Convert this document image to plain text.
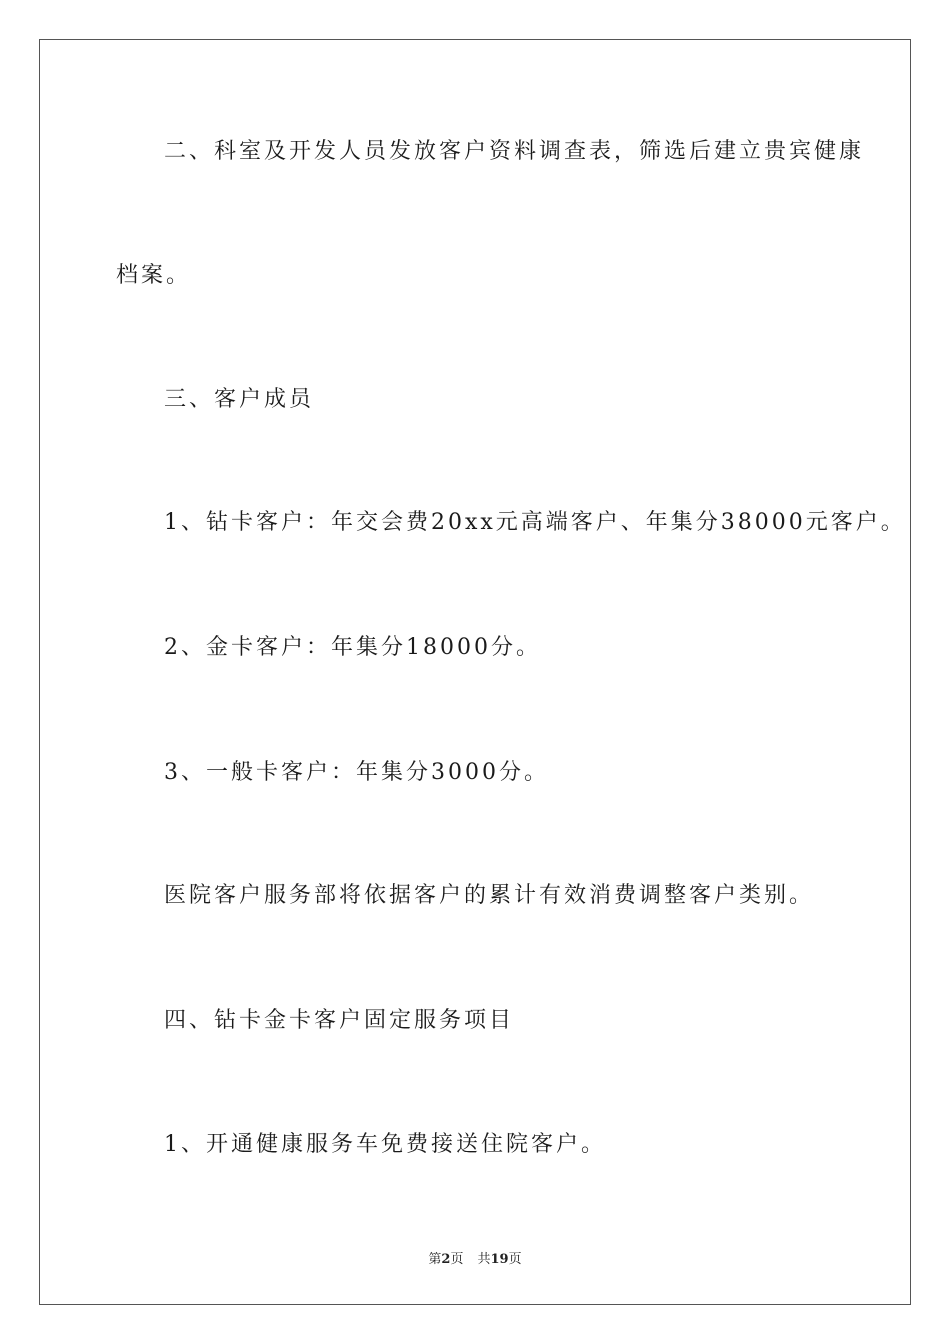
二、科室及开发人员发放客户资料调查表，筛选后建立贵宾健康

档案。

三、客户成员

1、钻卡客户：年交会费20xx元高端客户、年集分38000元客户。

2、金卡客户：年集分18000分。

3、一般卡客户：年集分3000分。

医院客户服务部将依据客户的累计有效消费调整客户类别。

四、钻卡金卡客户固定服务项目

1、开通健康服务车免费接送住院客户。

第2页 共19页
